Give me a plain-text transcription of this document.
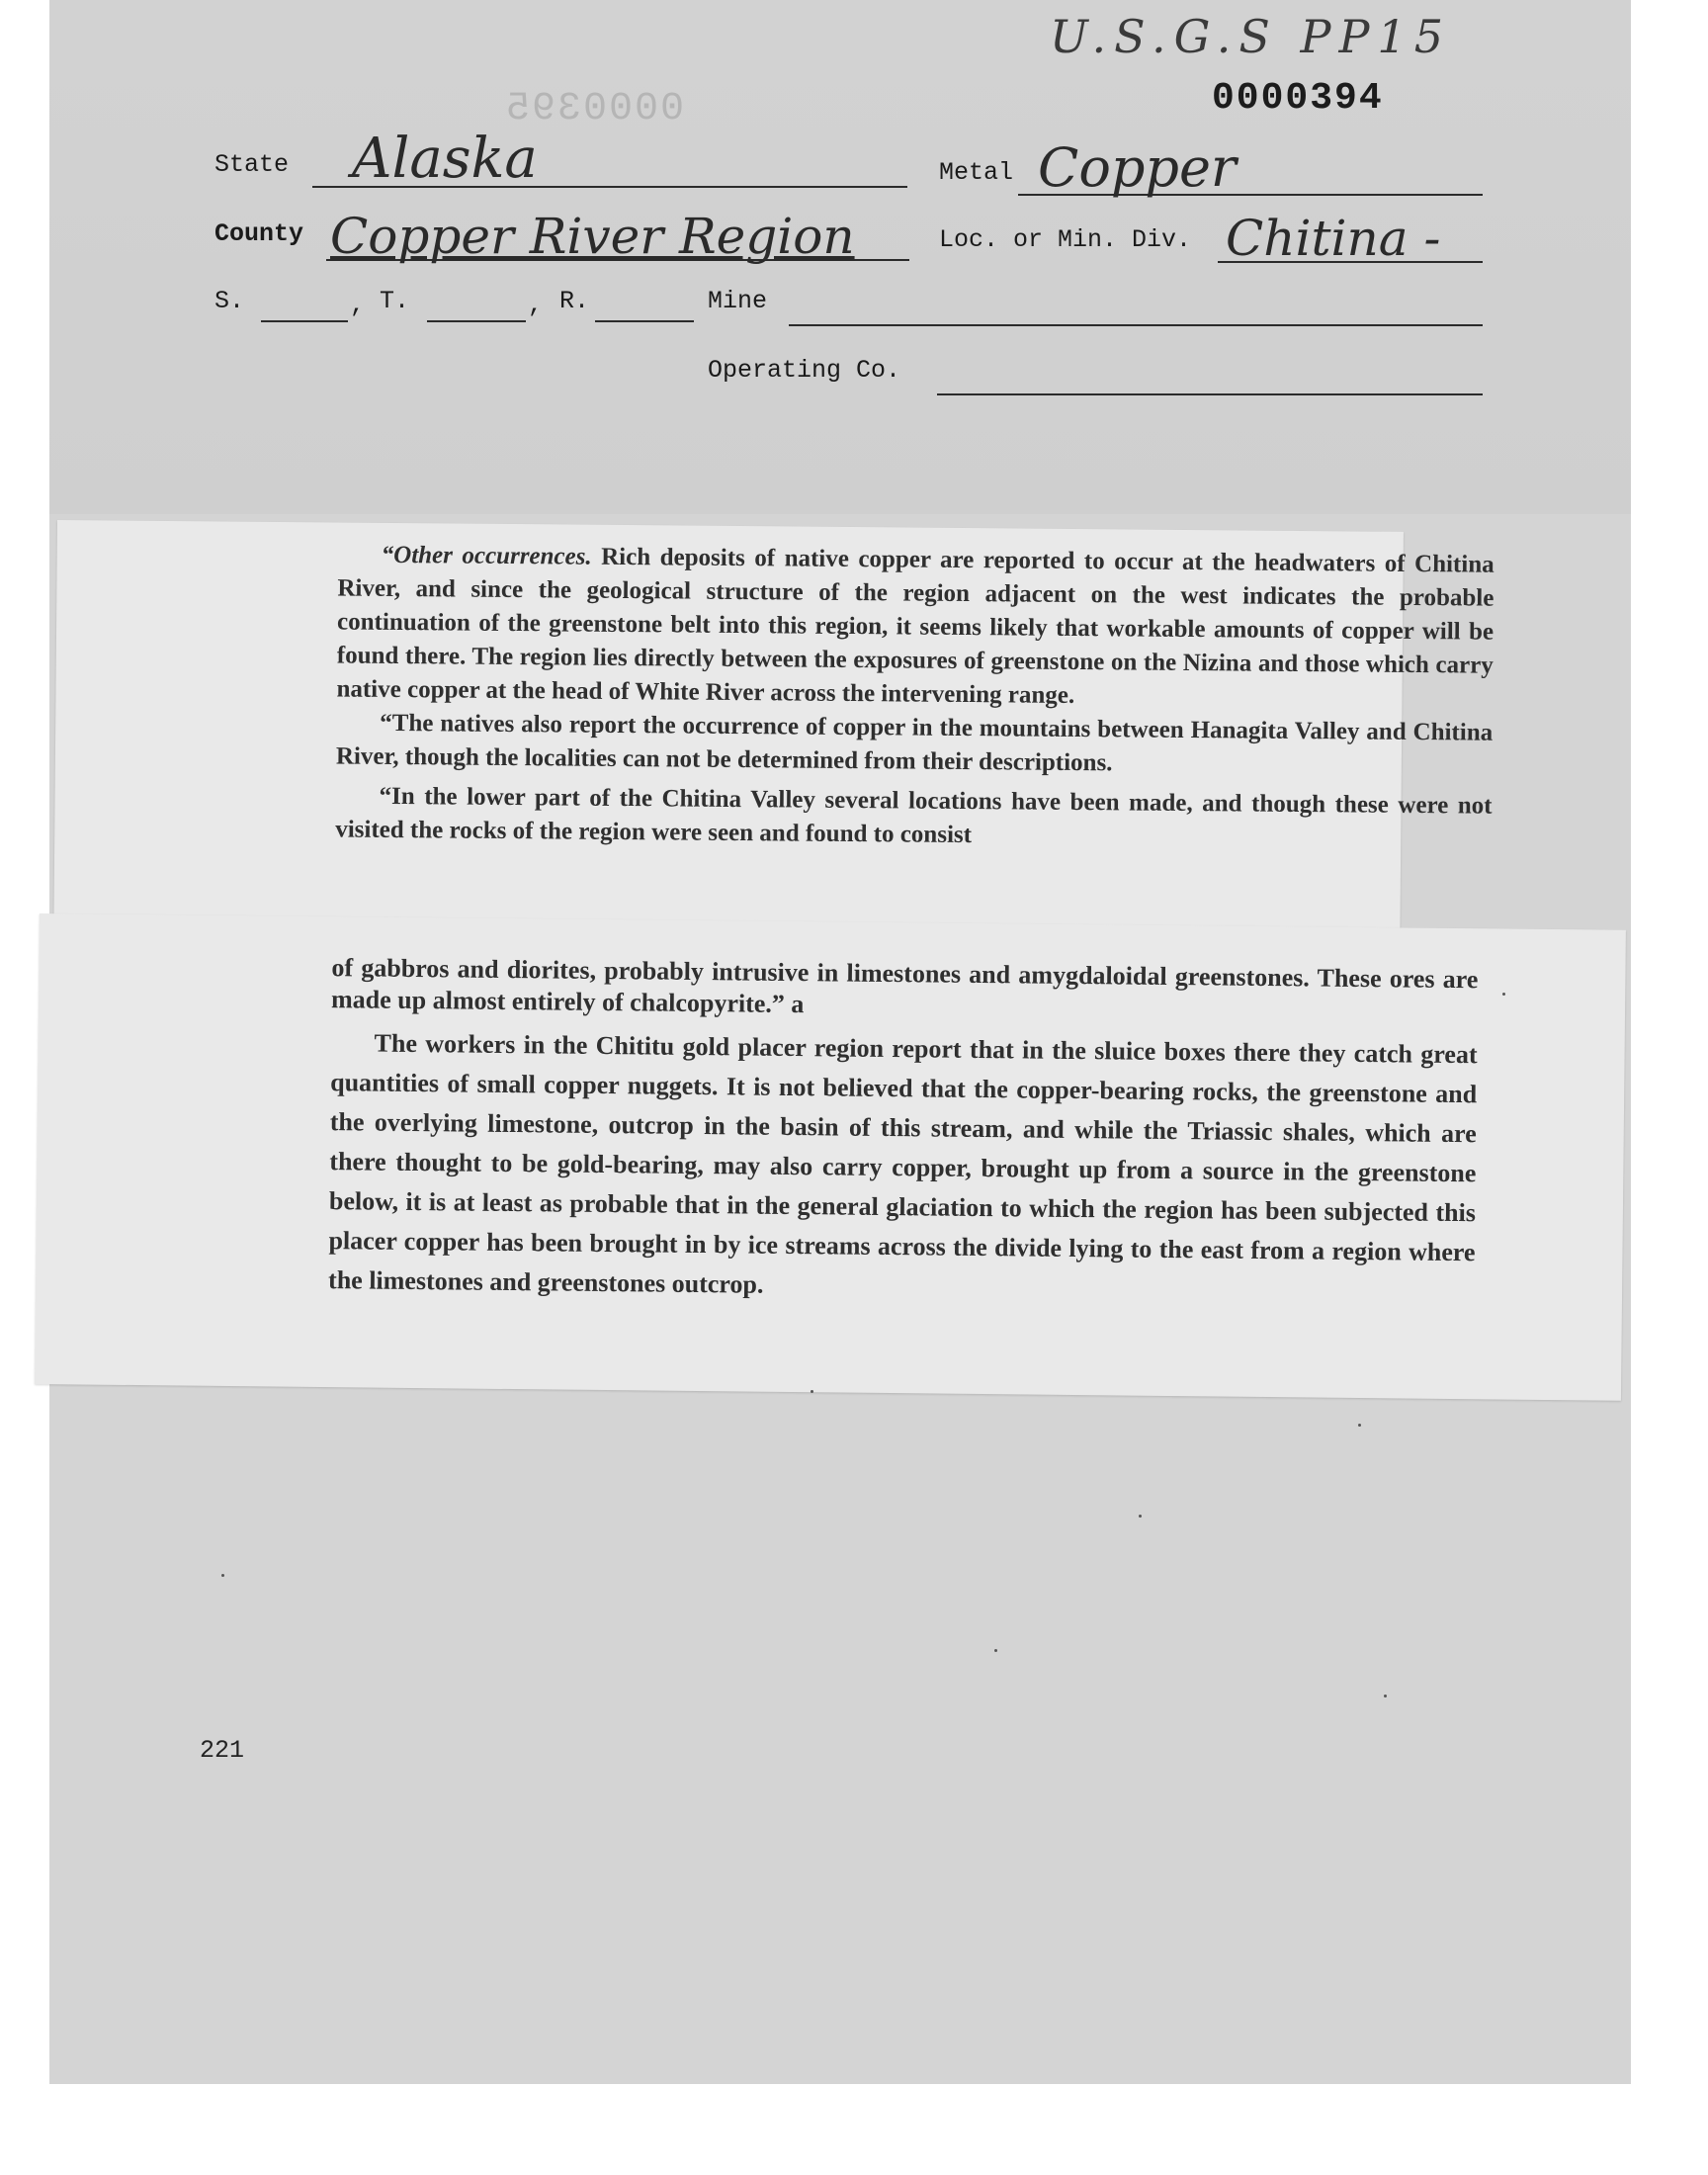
U.S.G.S PP15
0000395	0000394
State Alaska	Metal Copper
County Copper River Region	Loc. or Min. Div. Chitina -
S.	, T.	, R.	Mine
Operating Co.

“Other occurrences. Rich deposits of native copper are reported to occur at the headwaters of Chitina River, and since the geological structure of the region adjacent on the west indicates the probable continuation of the greenstone belt into this region, it seems likely that workable amounts of copper will be found there. The region lies directly between the exposures of greenstone on the Nizina and those which carry native copper at the head of White River across the intervening range.

“The natives also report the occurrence of copper in the mountains between Hanagita Valley and Chitina River, though the localities can not be determined from their descriptions.

“In the lower part of the Chitina Valley several locations have been made, and though these were not visited the rocks of the region were seen and found to consist

of gabbros and diorites, probably intrusive in limestones and amygdaloidal greenstones. These ores are made up almost entirely of chalcopyrite.” a

The workers in the Chititu gold placer region report that in the sluice boxes there they catch great quantities of small copper nuggets. It is not believed that the copper-bearing rocks, the greenstone and the overlying limestone, outcrop in the basin of this stream, and while the Triassic shales, which are there thought to be gold-bearing, may also carry copper, brought up from a source in the greenstone below, it is at least as probable that in the general glaciation to which the region has been subjected this placer copper has been brought in by ice streams across the divide lying to the east from a region where the limestones and greenstones outcrop.

221
